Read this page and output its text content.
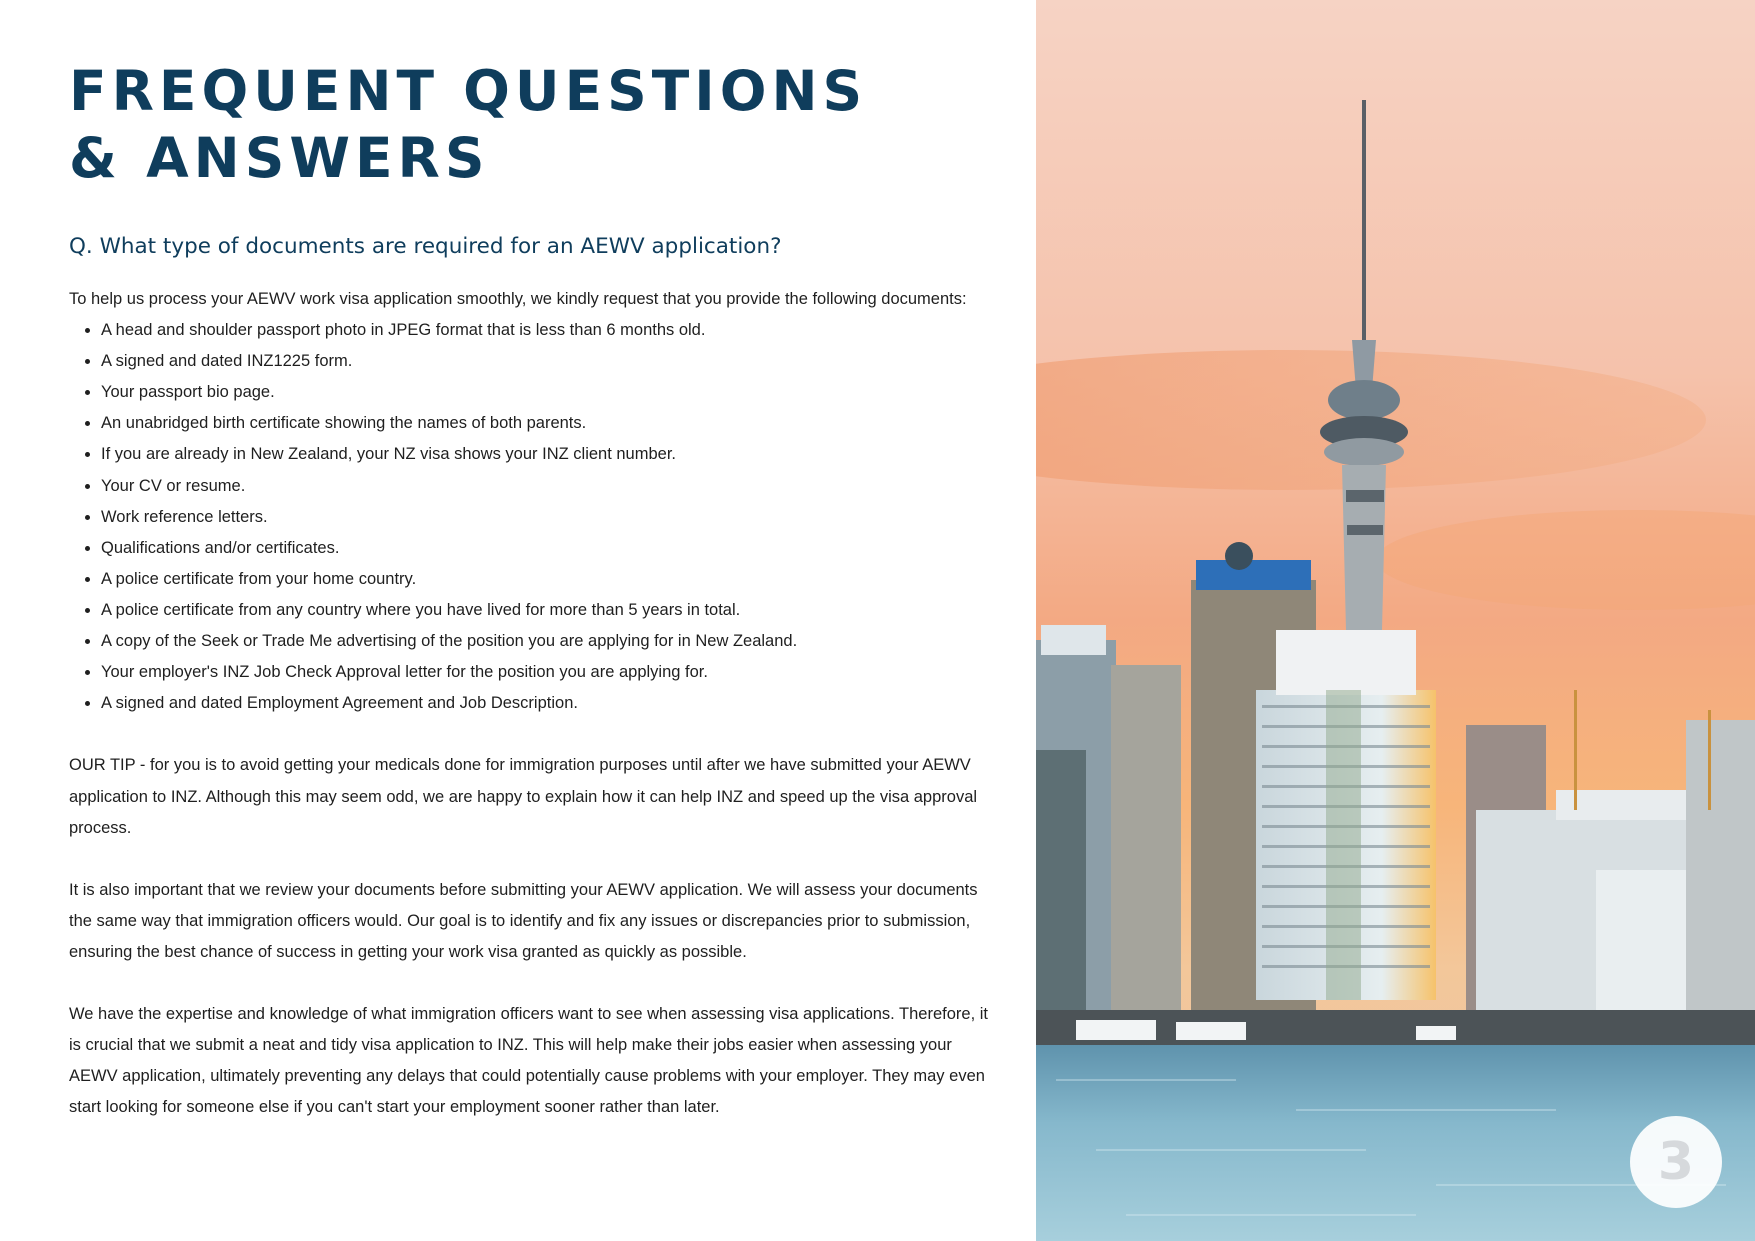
FREQUENT QUESTIONS
& ANSWERS
Q. What type of documents are required for an AEWV application?

To help us process your AEWV work visa application smoothly, we kindly request that you provide the following documents:

• A head and shoulder passport photo in JPEG format that is less than 6 months old.
• A signed and dated INZ1225 form.
• Your passport bio page.
• An unabridged birth certificate showing the names of both parents.
• If you are already in New Zealand, your NZ visa shows your INZ client number.
• Your CV or resume.
• Work reference letters.
• Qualifications and/or certificates.
• A police certificate from your home country.
• A police certificate from any country where you have lived for more than 5 years in total.
• A copy of the Seek or Trade Me advertising of the position you are applying for in New Zealand.
• Your employer's INZ Job Check Approval letter for the position you are applying for.
• A signed and dated Employment Agreement and Job Description.

OUR TIP - for you is to avoid getting your medicals done for immigration purposes until after we have submitted your AEWV application to INZ. Although this may seem odd, we are happy to explain how it can help INZ and speed up the visa approval process.

It is also important that we review your documents before submitting your AEWV application. We will assess your documents the same way that immigration officers would. Our goal is to identify and fix any issues or discrepancies prior to submission, ensuring the best chance of success in getting your work visa granted as quickly as possible.

We have the expertise and knowledge of what immigration officers want to see when assessing visa applications. Therefore, it is crucial that we submit a neat and tidy visa application to INZ. This will help make their jobs easier when assessing your AEWV application, ultimately preventing any delays that could potentially cause problems with your employer. They may even start looking for someone else if you can't start your employment sooner rather than later.

3
